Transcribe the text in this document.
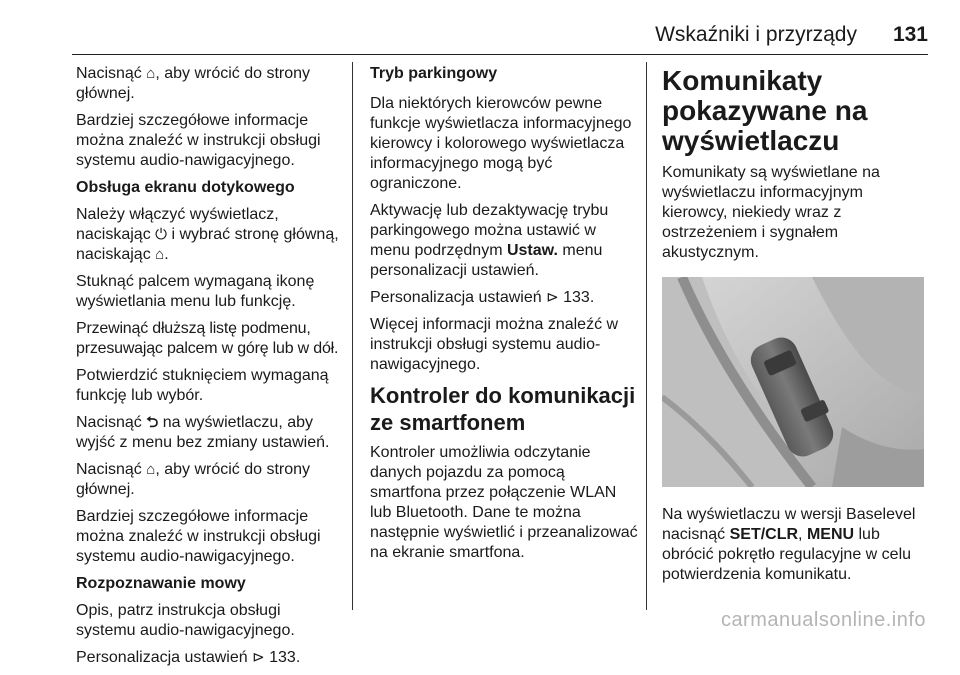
Wskaźniki i przyrządy 131

Nacisnąć ⌂, aby wrócić do strony głównej.

Bardziej szczegółowe informacje można znaleźć w instrukcji obsługi systemu audio-nawigacyjnego.

Obsługa ekranu dotykowego

Należy włączyć wyświetlacz, naciskając ⏻ i wybrać stronę główną, naciskając ⌂.

Stuknąć palcem wymaganą ikonę wyświetlania menu lub funkcję.

Przewinąć dłuższą listę podmenu, przesuwając palcem w górę lub w dół.

Potwierdzić stuknięciem wymaganą funkcję lub wybór.

Nacisnąć ⮌ na wyświetlaczu, aby wyjść z menu bez zmiany ustawień.

Nacisnąć ⌂, aby wrócić do strony głównej.

Bardziej szczegółowe informacje można znaleźć w instrukcji obsługi systemu audio-nawigacyjnego.

Rozpoznawanie mowy

Opis, patrz instrukcja obsługi systemu audio-nawigacyjnego.

Personalizacja ustawień ⊳ 133.

Tryb parkingowy

Dla niektórych kierowców pewne funkcje wyświetlacza informacyjnego kierowcy i kolorowego wyświetlacza informacyjnego mogą być ograniczone.

Aktywację lub dezaktywację trybu parkingowego można ustawić w menu podrzędnym Ustaw. menu personalizacji ustawień.

Personalizacja ustawień ⊳ 133.

Więcej informacji można znaleźć w instrukcji obsługi systemu audio-nawigacyjnego.

Kontroler do komunikacji ze smartfonem

Kontroler umożliwia odczytanie danych pojazdu za pomocą smartfona przez połączenie WLAN lub Bluetooth. Dane te można następnie wyświetlić i przeanalizować na ekranie smartfona.

Komunikaty pokazywane na wyświetlaczu

Komunikaty są wyświetlane na wyświetlaczu informacyjnym kierowcy, niekiedy wraz z ostrzeżeniem i sygnałem akustycznym.

Na wyświetlaczu w wersji Baselevel nacisnąć SET/CLR, MENU lub obrócić pokrętło regulacyjne w celu potwierdzenia komunikatu.

carmanualsonline.info
